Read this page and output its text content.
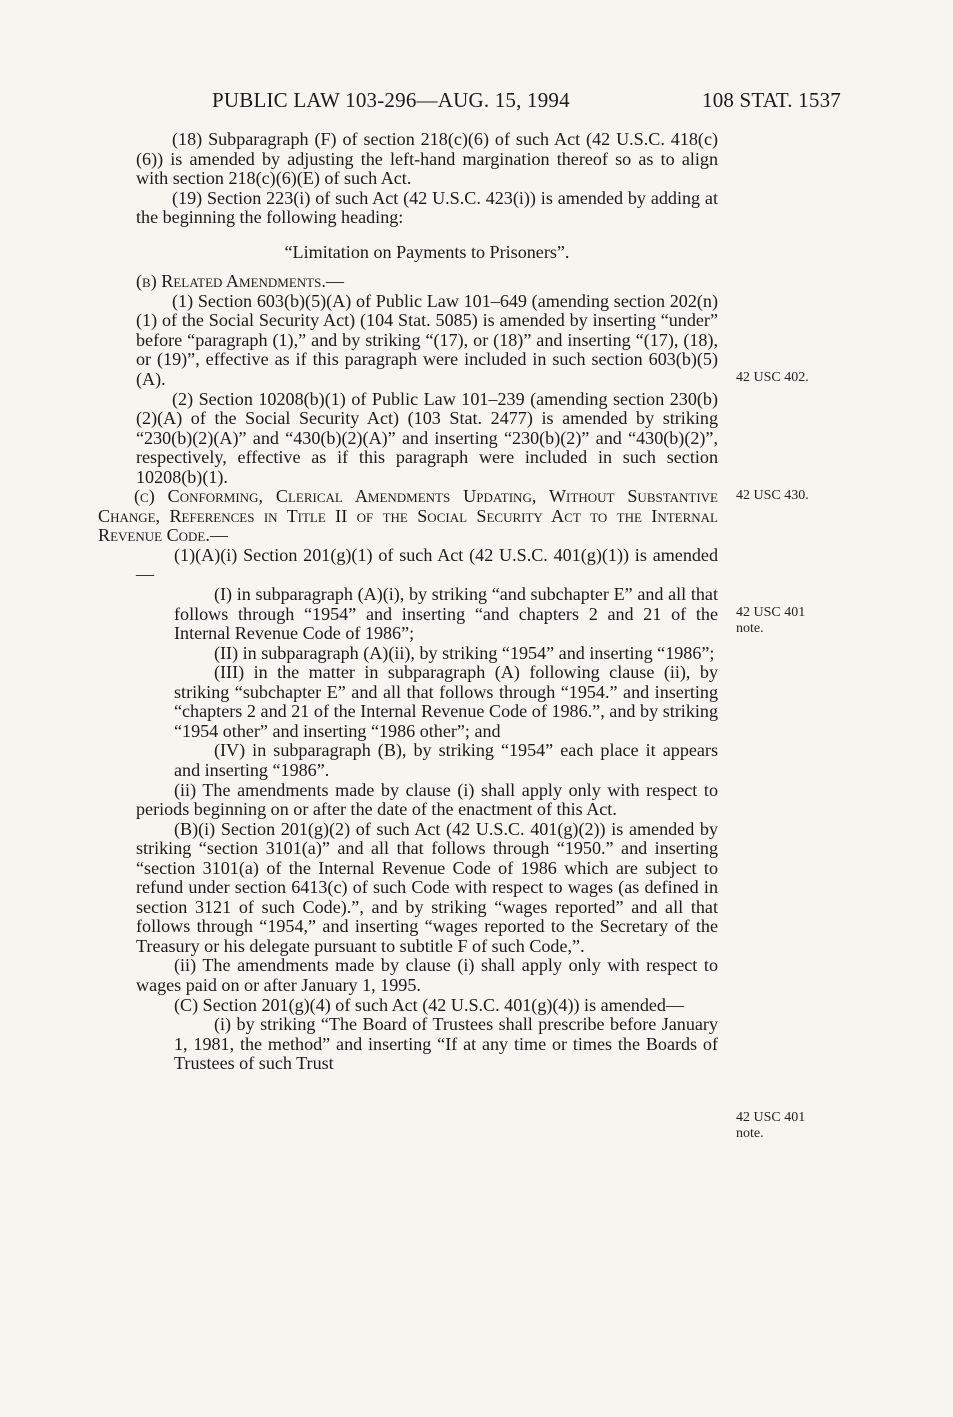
PUBLIC LAW 103-296—AUG. 15, 1994	108 STAT. 1537

(18) Subparagraph (F) of section 218(c)(6) of such Act (42 U.S.C. 418(c)(6)) is amended by adjusting the left-hand margination thereof so as to align with section 218(c)(6)(E) of such Act.

(19) Section 223(i) of such Act (42 U.S.C. 423(i)) is amended by adding at the beginning the following heading:

“Limitation on Payments to Prisoners”.

(b) Related Amendments.—

(1) Section 603(b)(5)(A) of Public Law 101–649 (amending section 202(n)(1) of the Social Security Act) (104 Stat. 5085) is amended by inserting “under” before “paragraph (1),” and by striking “(17), or (18)” and inserting “(17), (18), or (19)”, effective as if this paragraph were included in such section 603(b)(5)(A).

(2) Section 10208(b)(1) of Public Law 101–239 (amending section 230(b)(2)(A) of the Social Security Act) (103 Stat. 2477) is amended by striking “230(b)(2)(A)” and “430(b)(2)(A)” and inserting “230(b)(2)” and “430(b)(2)”, respectively, effective as if this paragraph were included in such section 10208(b)(1).

(c) Conforming, Clerical Amendments Updating, Without Substantive Change, References in Title II of the Social Security Act to the Internal Revenue Code.—

(1)(A)(i) Section 201(g)(1) of such Act (42 U.S.C. 401(g)(1)) is amended—

(I) in subparagraph (A)(i), by striking “and subchapter E” and all that follows through “1954” and inserting “and chapters 2 and 21 of the Internal Revenue Code of 1986”;

(II) in subparagraph (A)(ii), by striking “1954” and inserting “1986”;

(III) in the matter in subparagraph (A) following clause (ii), by striking “subchapter E” and all that follows through “1954.” and inserting “chapters 2 and 21 of the Internal Revenue Code of 1986.”, and by striking “1954 other” and inserting “1986 other”; and

(IV) in subparagraph (B), by striking “1954” each place it appears and inserting “1986”.

(ii) The amendments made by clause (i) shall apply only with respect to periods beginning on or after the date of the enactment of this Act.

(B)(i) Section 201(g)(2) of such Act (42 U.S.C. 401(g)(2)) is amended by striking “section 3101(a)” and all that follows through “1950.” and inserting “section 3101(a) of the Internal Revenue Code of 1986 which are subject to refund under section 6413(c) of such Code with respect to wages (as defined in section 3121 of such Code).”, and by striking “wages reported” and all that follows through “1954,” and inserting “wages reported to the Secretary of the Treasury or his delegate pursuant to subtitle F of such Code,”.

(ii) The amendments made by clause (i) shall apply only with respect to wages paid on or after January 1, 1995.

(C) Section 201(g)(4) of such Act (42 U.S.C. 401(g)(4)) is amended—

(i) by striking “The Board of Trustees shall prescribe before January 1, 1981, the method” and inserting “If at any time or times the Boards of Trustees of such Trust

42 USC 402.
42 USC 430.
42 USC 401 note.
42 USC 401 note.
